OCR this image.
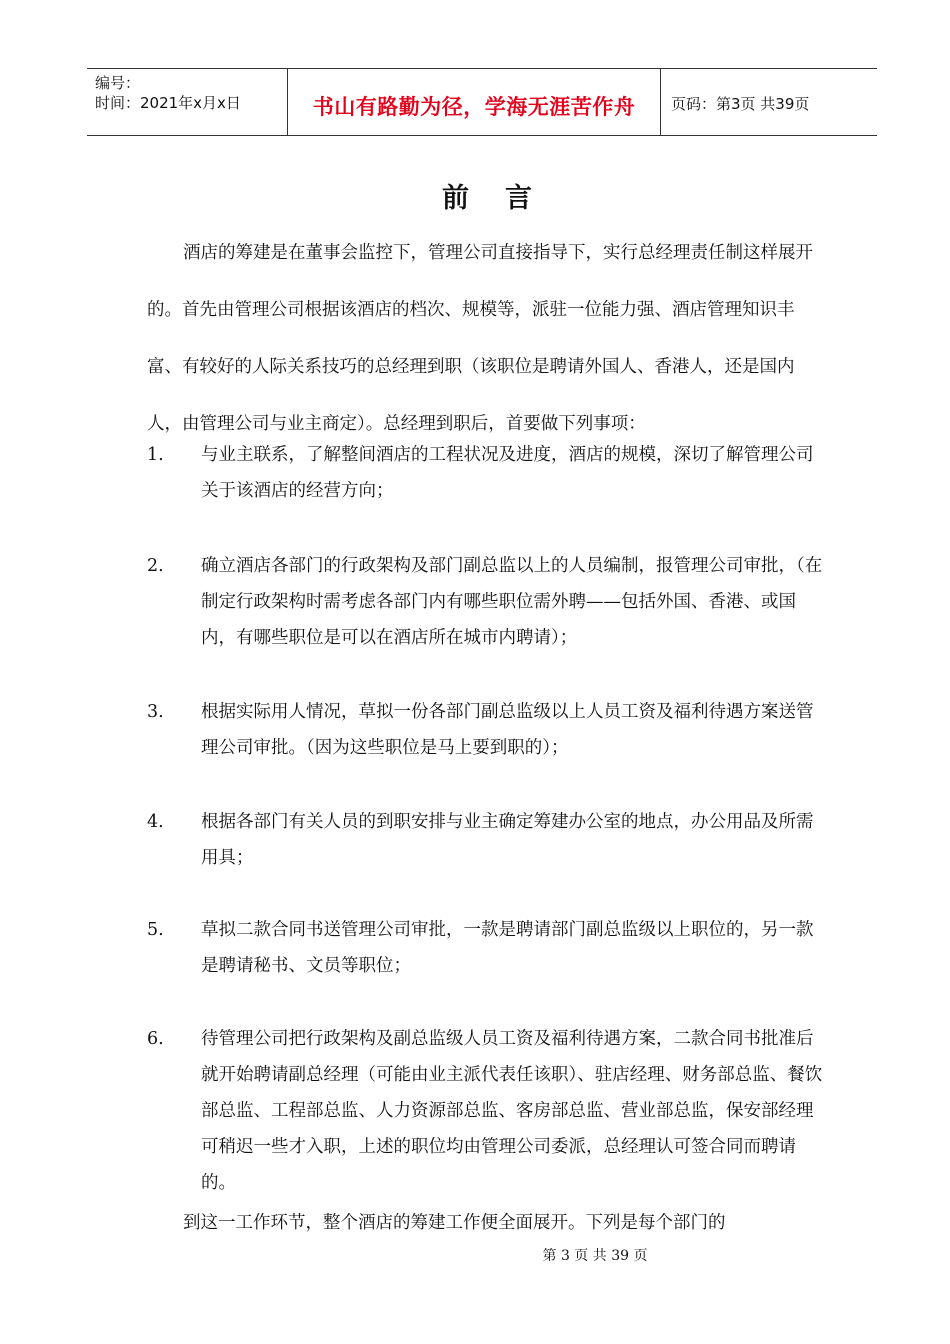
编号：
时间：2021年x月x日	书山有路勤为径，学海无涯苦作舟	页码：第3页 共39页
前言

酒店的筹建是在董事会监控下，管理公司直接指导下，实行总经理责任制这样展开的。首先由管理公司根据该酒店的档次、规模等，派驻一位能力强、酒店管理知识丰富、有较好的人际关系技巧的总经理到职（该职位是聘请外国人、香港人，还是国内人，由管理公司与业主商定）。总经理到职后，首要做下列事项：

1.	与业主联系，了解整间酒店的工程状况及进度，酒店的规模，深切了解管理公司关于该酒店的经营方向；
2.	确立酒店各部门的行政架构及部门副总监以上的人员编制，报管理公司审批，（在制定行政架构时需考虑各部门内有哪些职位需外聘——包括外国、香港、或国内，有哪些职位是可以在酒店所在城市内聘请）；
3.	根据实际用人情况，草拟一份各部门副总监级以上人员工资及福利待遇方案送管理公司审批。（因为这些职位是马上要到职的）；
4.	根据各部门有关人员的到职安排与业主确定筹建办公室的地点，办公用品及所需用具；
5.	草拟二款合同书送管理公司审批，一款是聘请部门副总监级以上职位的，另一款是聘请秘书、文员等职位；
6.	待管理公司把行政架构及副总监级人员工资及福利待遇方案，二款合同书批准后就开始聘请副总经理（可能由业主派代表任该职）、驻店经理、财务部总监、餐饮部总监、工程部总监、人力资源部总监、客房部总监、营业部总监，保安部经理可稍迟一些才入职，上述的职位均由管理公司委派，总经理认可签合同而聘请的。
到这一工作环节，整个酒店的筹建工作便全面展开。下列是每个部门的
第 3 页 共 39 页
